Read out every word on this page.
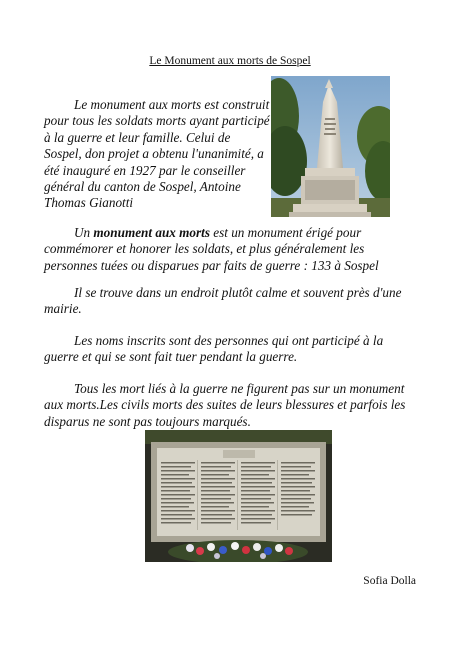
Le Monument aux morts de Sospel

Le monument aux morts est construit pour tous les soldats morts ayant participé à la guerre et leur famille. Celui de Sospel, don projet a obtenu l'unanimité, a été inauguré en 1927 par le conseiller général du canton de Sospel, Antoine Thomas Gianotti

Un monument aux morts est un monument érigé pour commémorer et honorer les soldats, et plus généralement les personnes tuées ou disparues par faits de guerre : 133 à Sospel

Il se trouve dans un endroit plutôt calme et souvent près d'une mairie.

Les noms inscrits sont des personnes qui ont participé à la guerre et qui se sont fait tuer pendant la guerre.

Tous les mort liés à la guerre ne figurent pas sur un monument aux morts.Les civils morts des suites de leurs blessures et parfois les disparus ne sont pas toujours marqués.

Sofia Dolla
